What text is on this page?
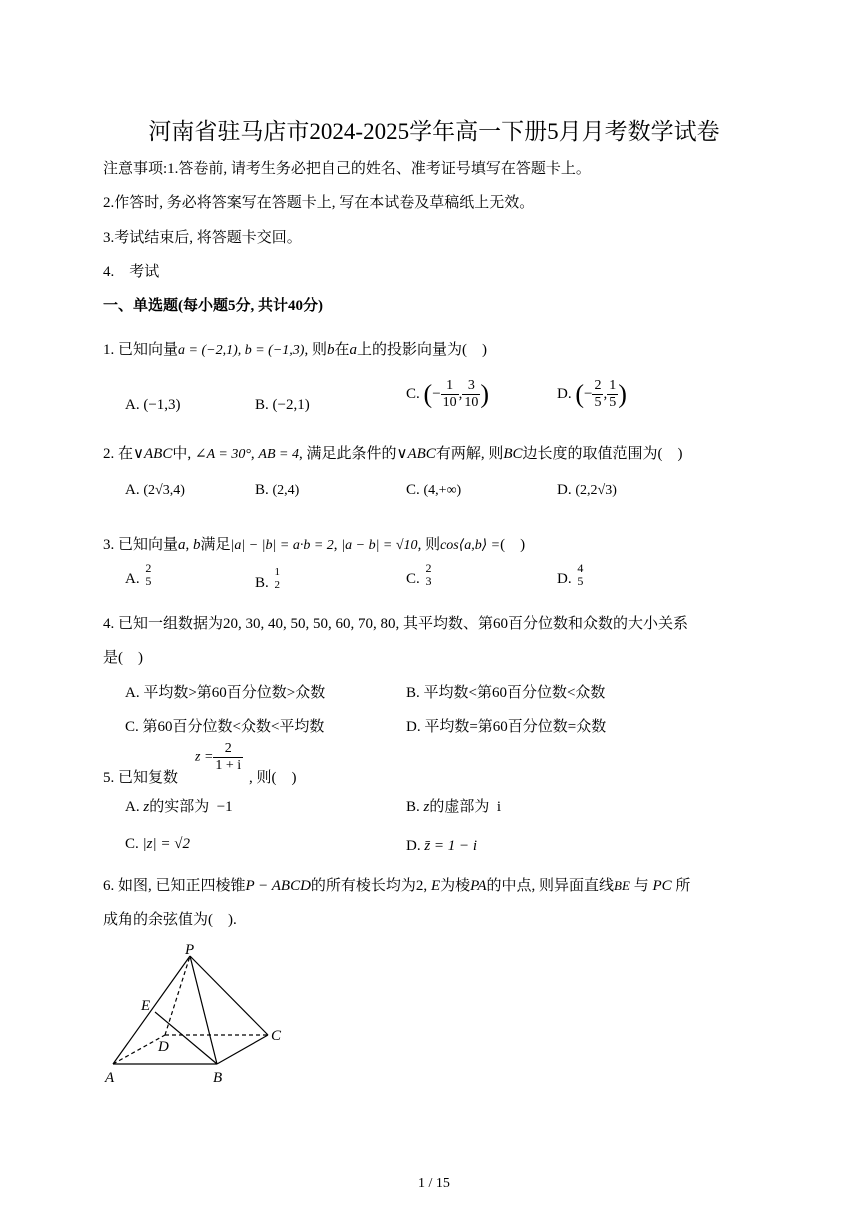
河南省驻马店市2024-2025学年高一下册5月月考数学试卷
注意事项:1.答卷前, 请考生务必把自己的姓名、准考证号填写在答题卡上。
2.作答时, 务必将答案写在答题卡上, 写在本试卷及草稿纸上无效。
3.考试结束后, 将答题卡交回。
4.　考试
一、单选题(每小题5分, 共计40分)
1. 已知向量a = (−2,1), b = (−1,3), 则b在a上的投影向量为(　)
A. (−1,3)	B. (−2,1)
C. (− $\frac{1}{10}$ , $\frac{3}{10}$ )	D. (− $\frac{2}{5}$ , $\frac{1}{5}$ )
2. 在∨ABC中, ∠A = 30°, AB = 4, 满足此条件的∨ABC有两解, 则BC边长度的取值范围为(　)
A. (2√3,4)	B. (2,4)	C. (4,+∞)	D. (2,2√3)
3. 已知向量a, b满足|a| − |b| = a·b = 2, |a − b| = √10, 则cos⟨a,b⟩ =(　)
A.
2
5	B.
1
2	C.
2
3	D.
4
5
4. 已知一组数据为20, 30, 40, 50, 50, 60, 70, 80, 其平均数、第60百分位数和众数的大小关系
是(　)
A. 平均数>第60百分位数>众数	B. 平均数<第60百分位数<众数
C. 第60百分位数<众数<平均数	D. 平均数=第60百分位数=众数
5. 已知复数
$z = \frac{2}{1 + i}$
, 则(　)
A. z的实部为 −1	B. z的虚部为 i
C. |z| = √2	D. z̄ = 1 − i
6. 如图, 已知正四棱锥P − ABCD的所有棱长均为2, E为棱PA的中点, 则异面直线BE 与 PC 所
成角的余弦值为(　).
P
E
D
C
A	B
1 / 15
